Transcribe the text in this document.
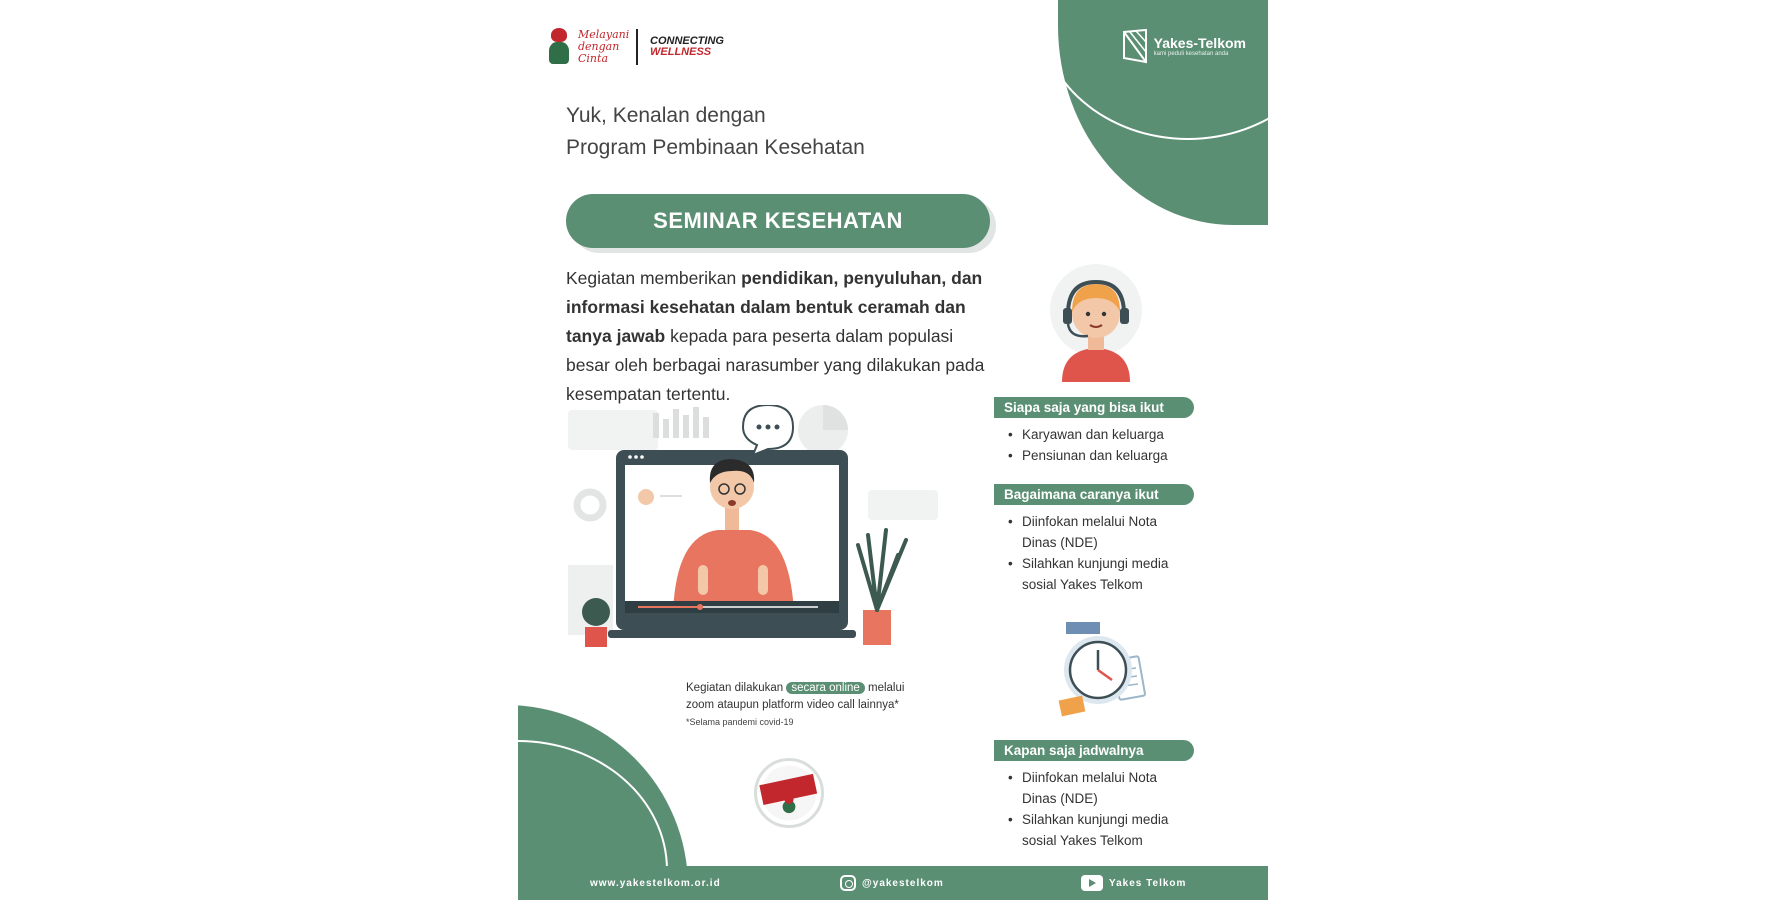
Melayani dengan Cinta
CONNECTING
WELLNESS
Yakes-Telkom
kami peduli kesehatan anda
Yuk, Kenalan dengan
Program Pembinaan Kesehatan
SEMINAR KESEHATAN
Kegiatan memberikan pendidikan, penyuluhan, dan informasi kesehatan dalam bentuk ceramah dan tanya jawab kepada para peserta dalam populasi besar oleh berbagai narasumber yang dilakukan pada kesempatan tertentu.
Kegiatan dilakukan secara online melalui
zoom ataupun platform video call lainnya*
*Selama pandemi covid-19
Siapa saja yang bisa ikut
• Karyawan dan keluarga
• Pensiunan dan keluarga
Bagaimana caranya ikut
• Diinfokan melalui Nota Dinas (NDE)
• Silahkan kunjungi media sosial Yakes Telkom
Kapan saja jadwalnya
• Diinfokan melalui Nota Dinas (NDE)
• Silahkan kunjungi media sosial Yakes Telkom
www.yakestelkom.or.id	@yakestelkom	Yakes Telkom
